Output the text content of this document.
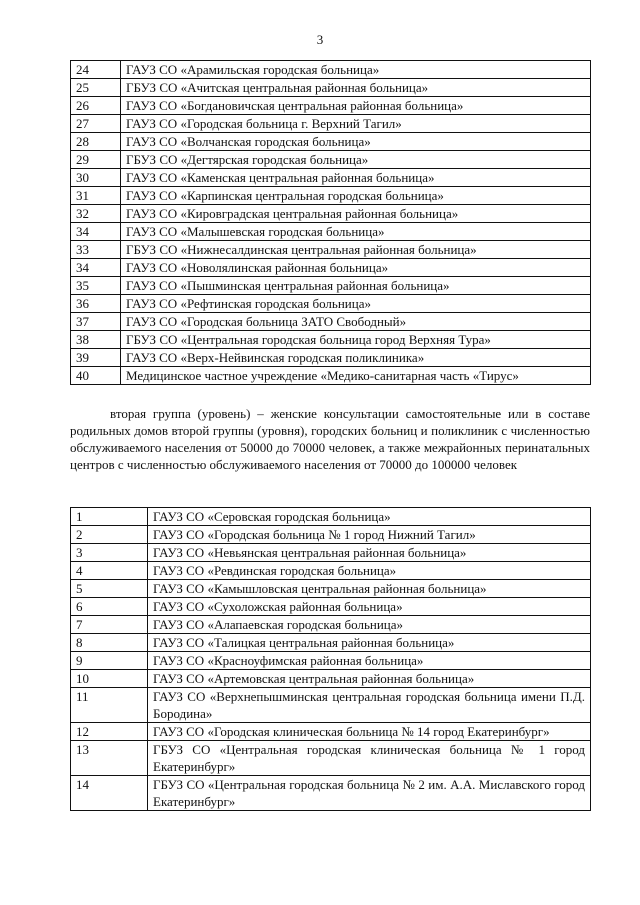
3
24	ГАУЗ СО «Арамильская городская больница»
25	ГБУЗ СО «Ачитская центральная районная больница»
26	ГАУЗ СО «Богдановичская центральная районная больница»
27	ГАУЗ СО «Городская больница г. Верхний Тагил»
28	ГАУЗ СО «Волчанская городская больница»
29	ГБУЗ СО «Дегтярская городская больница»
30	ГАУЗ СО «Каменская центральная районная больница»
31	ГАУЗ СО «Карпинская центральная городская больница»
32	ГАУЗ СО «Кировградская центральная районная больница»
34	ГАУЗ СО «Малышевская городская больница»
33	ГБУЗ СО «Нижнесалдинская центральная районная больница»
34	ГАУЗ СО «Новолялинская районная больница»
35	ГАУЗ СО «Пышминская центральная районная больница»
36	ГАУЗ СО «Рефтинская городская больница»
37	ГАУЗ СО «Городская больница ЗАТО Свободный»
38	ГБУЗ СО «Центральная городская больница город Верхняя Тура»
39	ГАУЗ СО «Верх-Нейвинская городская поликлиника»
40	Медицинское частное учреждение «Медико-санитарная часть «Тирус»

вторая группа (уровень) – женские консультации самостоятельные или в составе родильных домов второй группы (уровня), городских больниц и поликлиник с численностью обслуживаемого населения от 50000 до 70000 человек, а также межрайонных перинатальных центров с численностью обслуживаемого населения от 70000 до 100000 человек

1	ГАУЗ СО «Серовская городская больница»
2	ГАУЗ СО «Городская больница № 1 город Нижний Тагил»
3	ГАУЗ СО «Невьянская центральная районная больница»
4	ГАУЗ СО «Ревдинская городская больница»
5	ГАУЗ СО «Камышловская центральная районная больница»
6	ГАУЗ СО «Сухоложская районная больница»
7	ГАУЗ СО «Алапаевская городская больница»
8	ГАУЗ СО «Талицкая центральная районная больница»
9	ГАУЗ СО «Красноуфимская районная больница»
10	ГАУЗ СО «Артемовская центральная районная больница»
11	ГАУЗ СО «Верхнепышминская центральная городская больница имени П.Д. Бородина»
12	ГАУЗ СО «Городская клиническая больница № 14 город Екатеринбург»
13	ГБУЗ СО «Центральная городская клиническая больница № 1 город Екатеринбург»
14	ГБУЗ СО «Центральная городская больница № 2 им. А.А. Миславского город Екатеринбург»
